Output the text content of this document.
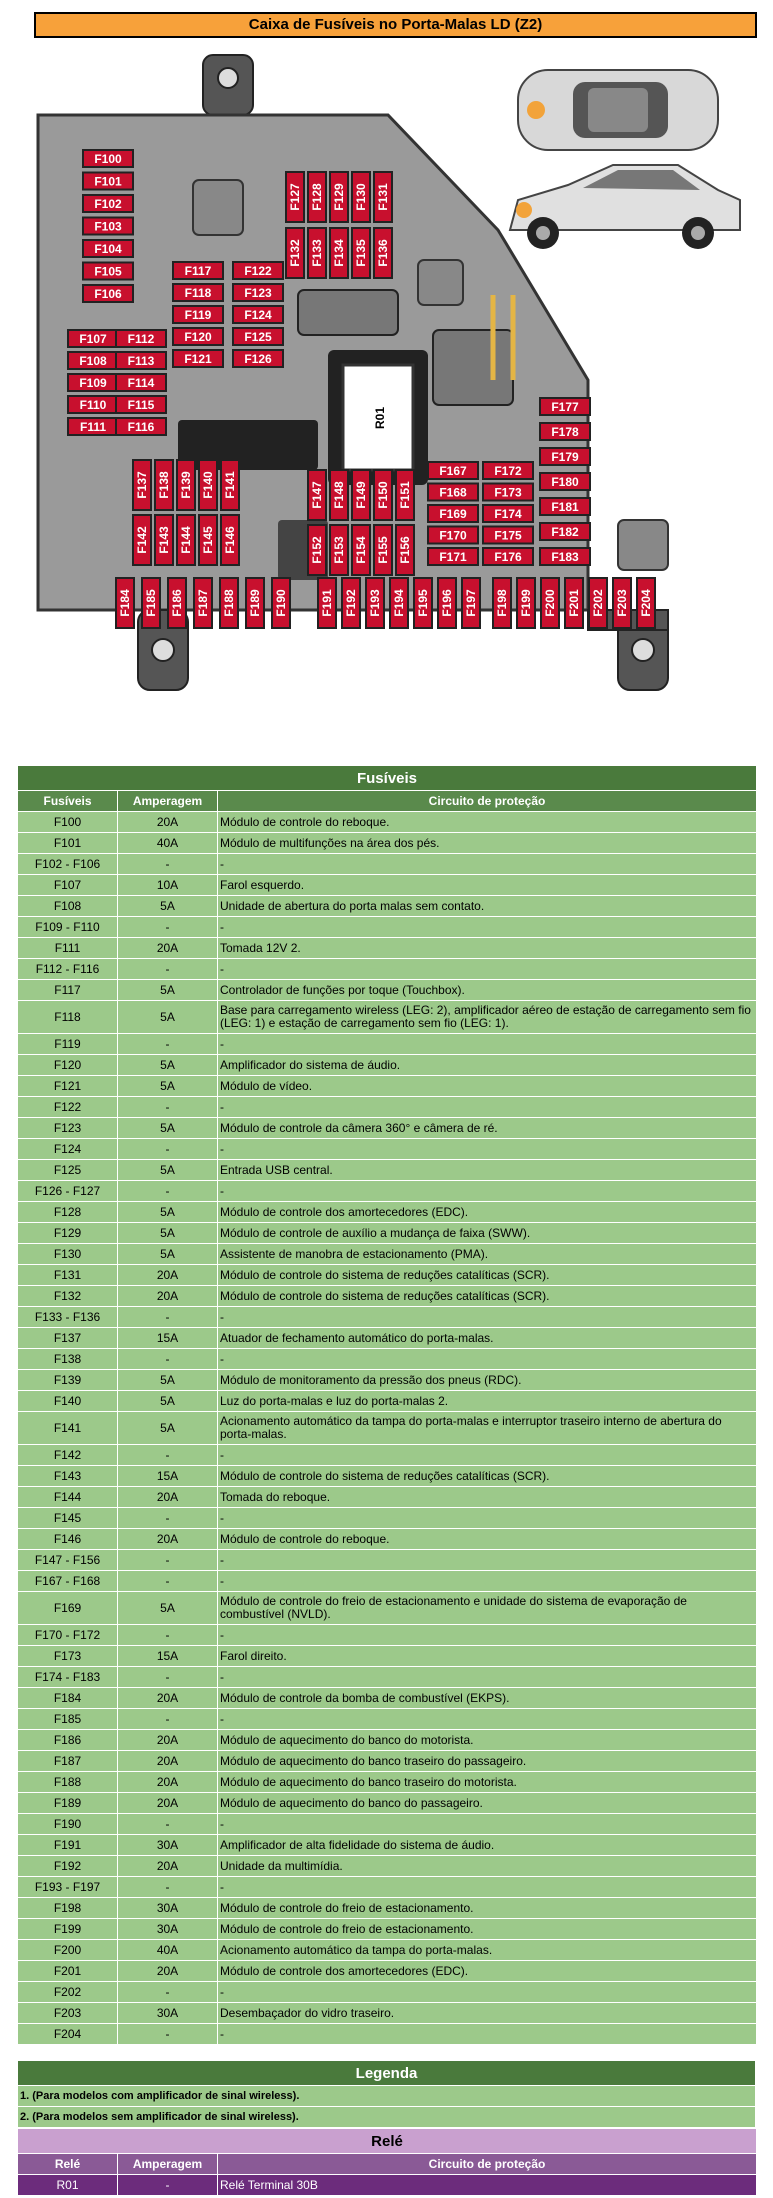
Caixa de Fusíveis no Porta-Malas LD (Z2)
R01
F100
F101
F102
F103
F104
F105
F106
F107
F108
F109
F110
F111
F112
F113
F114
F115
F116
F117
F118
F119
F120
F121
F122
F123
F124
F125
F126
F127 F128 F129 F130 F131
F132 F133 F134 F135 F136
F137 F138 F139 F140 F141
F142 F143 F144 F145 F146
F147 F148 F149 F150 F151
F152 F153 F154 F155 F156
F167
F168
F169
F170
F171
F172
F173
F174
F175
F176
F177
F178
F179
F180
F181
F182
F183
F184 F185 F186 F187 F188 F189 F190	F191 F192 F193 F194 F195 F196 F197 F198 F199 F200 F201 F202 F203 F204
Fusíveis		
Fusíveis	Amperagem	Circuito de proteção
F100	20A	Módulo de controle do reboque.
F101	40A	Módulo de multifunções na área dos pés.
F102 - F106	-	-
F107	10A	Farol esquerdo.
F108	5A	Unidade de abertura do porta malas sem contato.
F109 - F110	-	-
F111	20A	Tomada 12V 2.
F112 - F116	-	-
F117	5A	Controlador de funções por toque (Touchbox).
F118	5A	Base para carregamento wireless (LEG: 2), amplificador aéreo de estação de carregamento sem fio (LEG: 1) e estação de carregamento sem fio (LEG: 1).
F119	-	-
F120	5A	Amplificador do sistema de áudio.
F121	5A	Módulo de vídeo.
F122	-	-
F123	5A	Módulo de controle da câmera 360° e câmera de ré.
F124	-	-
F125	5A	Entrada USB central.
F126 - F127	-	-
F128	5A	Módulo de controle dos amortecedores (EDC).
F129	5A	Módulo de controle de auxílio a mudança de faixa (SWW).
F130	5A	Assistente de manobra de estacionamento (PMA).
F131	20A	Módulo de controle do sistema de reduções catalíticas (SCR).
F132	20A	Módulo de controle do sistema de reduções catalíticas (SCR).
F133 - F136	-	-
F137	15A	Atuador de fechamento automático do porta-malas.
F138	-	-
F139	5A	Módulo de monitoramento da pressão dos pneus (RDC).
F140	5A	Luz do porta-malas e luz do porta-malas 2.
F141	5A	Acionamento automático da tampa do porta-malas e interruptor traseiro interno de abertura do porta-malas.
F142	-	-
F143	15A	Módulo de controle do sistema de reduções catalíticas (SCR).
F144	20A	Tomada do reboque.
F145	-	-
F146	20A	Módulo de controle do reboque.
F147 - F156	-	-
F167 - F168	-	-
F169	5A	Módulo de controle do freio de estacionamento e unidade do sistema de evaporação de combustível (NVLD).
F170 - F172	-	-
F173	15A	Farol direito.
F174 - F183	-	-
F184	20A	Módulo de controle da bomba de combustível (EKPS).
F185	-	-
F186	20A	Módulo de aquecimento do banco do motorista.
F187	20A	Módulo de aquecimento do banco traseiro do passageiro.
F188	20A	Módulo de aquecimento do banco traseiro do motorista.
F189	20A	Módulo de aquecimento do banco do passageiro.
F190	-	-
F191	30A	Amplificador de alta fidelidade do sistema de áudio.
F192	20A	Unidade da multimídia.
F193 - F197	-	-
F198	30A	Módulo de controle do freio de estacionamento.
F199	30A	Módulo de controle do freio de estacionamento.
F200	40A	Acionamento automático da tampa do porta-malas.
F201	20A	Módulo de controle dos amortecedores (EDC).
F202	-	-
F203	30A	Desembaçador do vidro traseiro.
F204	-	-
Legenda
1. (Para modelos com amplificador de sinal wireless).
2. (Para modelos sem amplificador de sinal wireless).
Relé		
Relé	Amperagem	Circuito de proteção
R01	-	Relé Terminal 30B
